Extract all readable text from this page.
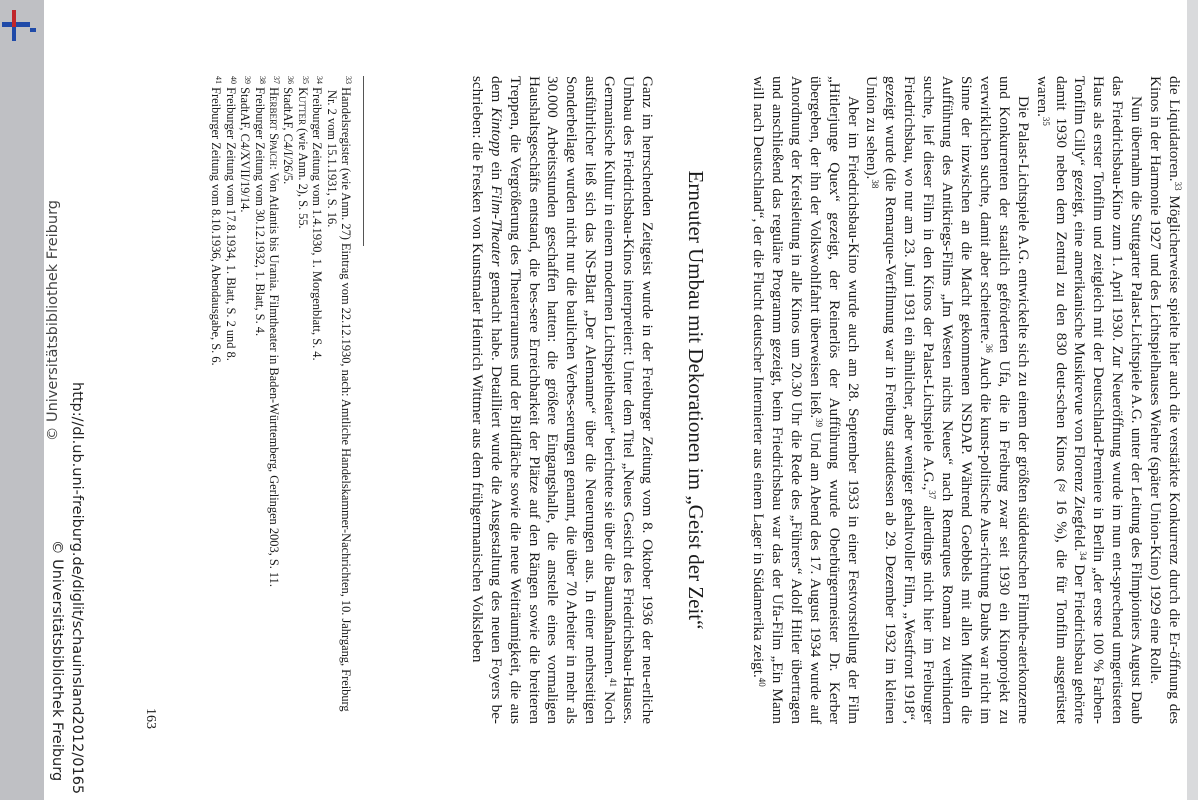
© Universitätsbibliothek Freiburg

die Liquidatoren.$^{33}$ Möglicherweise spielte hier auch die verstärkte Konkurrenz durch die Er-öffnung des Kinos in der Harmonie 1927 und des Lichtspielhauses Wiehre (später Union-Kino) 1929 eine Rolle.

Nun übernahm die Stuttgarter Palast-Lichtspiele A.G. unter der Leitung des Filmpioniers August Daub das Friedrichsbau-Kino zum 1. April 1930. Zur Neueröffnung wurde im nun ent-sprechend umgerüsteten Haus als erster Tonfilm und zeitgleich mit der Deutschland-Premiere in Berlin „der erste 100 % Farben-Tonfilm Cilly“ gezeigt, eine amerikanische Musikrevue von Florenz Ziegfeld.$^{34}$ Der Friedrichsbau gehörte damit 1930 neben dem Zentral zu den 830 deut-schen Kinos (≈ 16 %), die für Tonfilm ausgerüstet waren.$^{35}$

Die Palast-Lichtspiele A.G. entwickelte sich zu einem der größten süddeutschen Filmthe-aterkonzerne und Konkurrenten der staatlich geförderten Ufa, die in Freiburg zwar seit 1930 ein Kinoprojekt zu verwirklichen suchte, damit aber scheiterte.$^{36}$ Auch die kunst-politische Aus-richtung Daubs war nicht im Sinne der inzwischen an die Macht gekommenen NSDAP. Während Goebbels mit allen Mitteln die Aufführung des Antikriegs-Films „Im Westen nichts Neues“ nach Remarques Roman zu verhindern suchte, lief dieser Film in den Kinos der Palast-Lichtspiele A.G.,$^{37}$ allerdings nicht hier im Freiburger Friedrichsbau, wo nur am 23. Juni 1931 ein ähnlicher, aber weniger gehaltvoller Film, „Westfront 1918“, gezeigt wurde (die Remarque-Verfilmung war in Freiburg stattdessen ab 29. Dezember 1932 im kleinen Union zu sehen).$^{38}$

Aber im Friedrichsbau-Kino wurde auch am 28. September 1933 in einer Festvorstellung der Film „Hitlerjunge Quex“ gezeigt, der Reinerlös der Aufführung wurde Oberbürgermeister Dr. Kerber übergeben, der ihn der Volkswohlfahrt überweisen ließ.$^{39}$ Und am Abend des 17. August 1934 wurde auf Anordnung der Kreisleitung in alle Kinos um 20.30 Uhr die Rede des „Führers“ Adolf Hitler übertragen und anschließend das reguläre Programm gezeigt, beim Friedrichsbau war das der Ufa-Film „Ein Mann will nach Deutschland“, der die Flucht deutscher Internierter aus einem Lager in Südamerika zeigt.$^{40}$

Erneuter Umbau mit Dekorationen im „Geist der Zeit“

Ganz im herrschenden Zeitgeist wurde in der Freiburger Zeitung vom 8. Oktober 1936 der neu-erliche Umbau des Friedrichsbau-Kinos interpretiert: Unter dem Titel „Neues Gesicht des Friedrichsbau-Hauses. Germanische Kultur in einem modernen Lichtspieltheater“ berichtete sie über die Baumaßnahmen.$^{41}$ Noch ausführlicher ließ sich das NS-Blatt „Der Alemanne“ über die Neuerungen aus. In einer mehrseitigen Sonderbeilage wurden nicht nur die baulichen Verbes-serungen genannt, die über 70 Arbeiter in mehr als 30.000 Arbeitsstunden geschaffen hatten: die größere Eingangshalle, die anstelle eines vormaligen Haushaltsgeschäfts entstand, die bes-sere Erreichbarkeit der Plätze auf den Rängen sowie die breiteren Treppen, die Vergrößerung des Theaterraumes und der Bildfläche sowie die neue Weiträumigkeit, die aus dem Kintopp ein Film-Theater gemacht habe. Detailliert wurde die Ausgestaltung des neuen Foyers be-schrieben: die Fresken von Kunstmaler Heinrich Wittmer aus dem frühgermanischen Volksleben

$^{33}$ Handelsregister (wie Anm. 27) Eintrag vom 22.12.1930, nach: Amtliche Handelskammer-Nachrichten, 10. Jahrgang, Freiburg Nr. 2 vom 15.1.1931, S. 16.
$^{34}$ Freiburger Zeitung vom 1.4.1930, 1. Morgenblatt, S. 4.
$^{35}$ Kutter (wie Anm. 2), S. 55.
$^{36}$ StadtAF, C4/I/26/5.
$^{37}$ Herbert Spaich: Von Atlantis bis Urania. Filmtheater in Baden-Württemberg, Gerlingen 2003, S. 11.
$^{38}$ Freiburger Zeitung vom 30.12.1932, 1. Blatt, S. 4.
$^{39}$ StadtAF, C4/XVII/19/14.
$^{40}$ Freiburger Zeitung vom 17.8.1934, 1. Blatt, S. 2 und 8.
$^{41}$ Freiburger Zeitung vom 8.10.1936, Abendausgabe, S. 6.
163
http://dl.ub.uni-freiburg.de/diglit/schauinsland2012/0165
© Universitätsbibliothek Freiburg
